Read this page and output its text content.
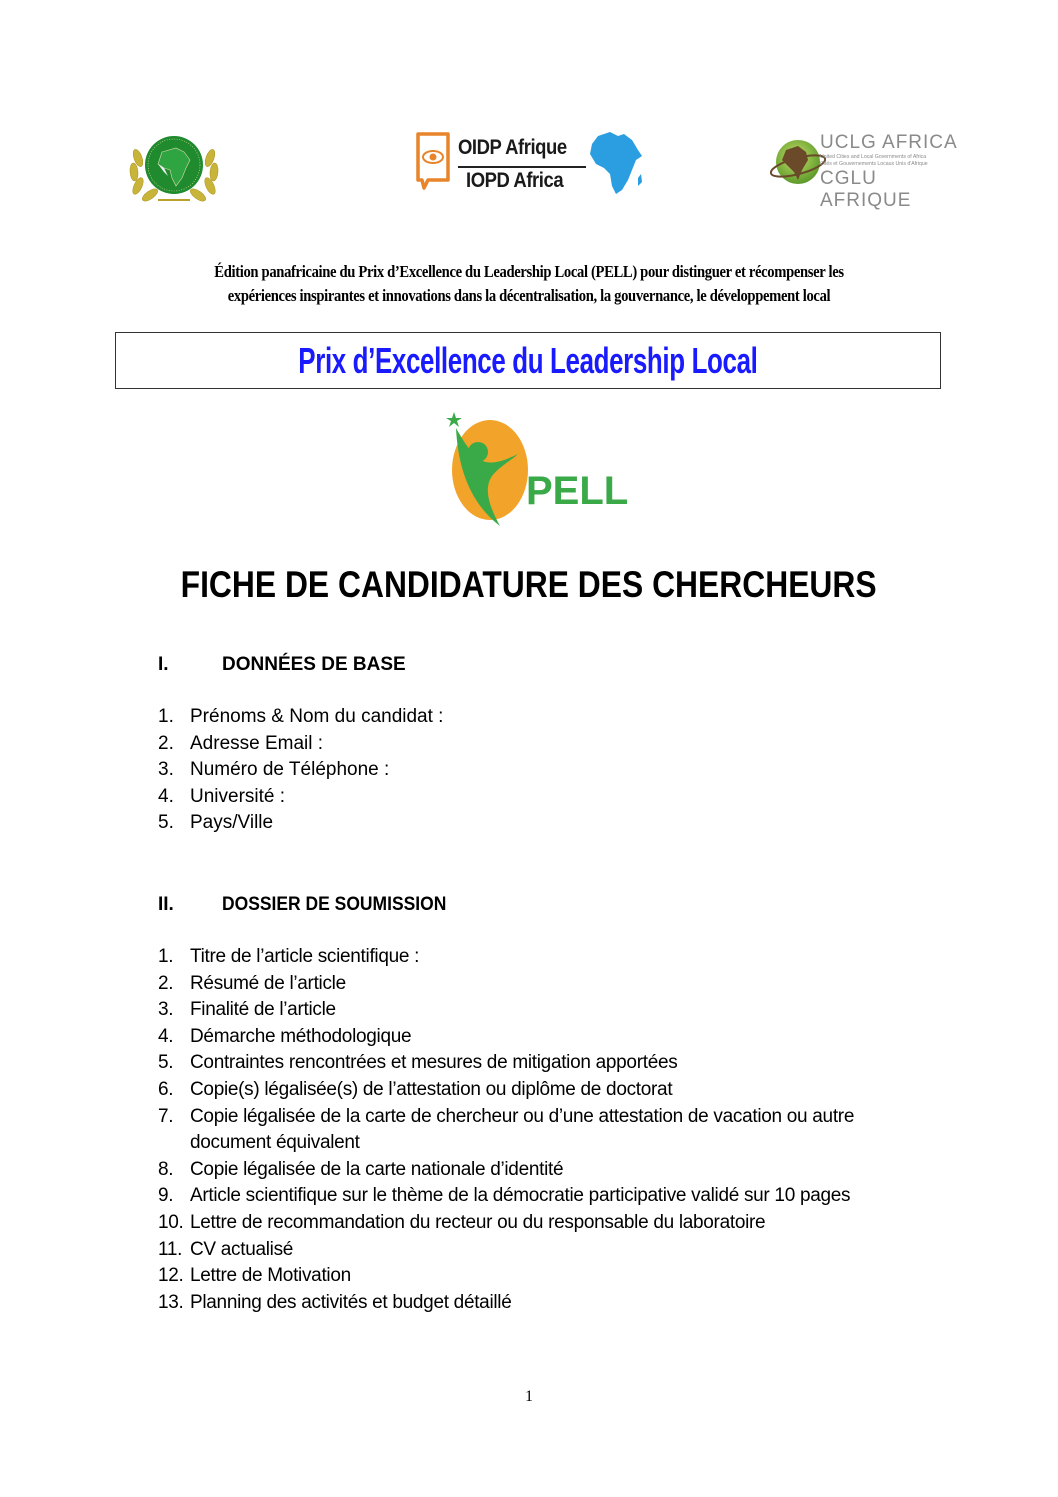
OIDP Afrique
IOPD Africa
UCLG AFRICA
United Cities and Local Governments of Africa
Cités et Gouvernements Locaux Unis d'Afrique
CGLU AFRIQUE
Édition panafricaine du Prix d’Excellence du Leadership Local (PELL) pour distinguer et récompenser les
expériences inspirantes et innovations dans la décentralisation, la gouvernance, le développement local
Prix d’Excellence du Leadership Local
PELL
FICHE DE CANDIDATURE DES CHERCHEURS
I.	DONNÉES DE BASE
1. Prénoms & Nom du candidat :
2. Adresse Email :
3. Numéro de Téléphone :
4. Université :
5. Pays/Ville
II.	DOSSIER DE SOUMISSION
1. Titre de l’article scientifique :
2. Résumé de l’article
3. Finalité de l’article
4. Démarche méthodologique
5. Contraintes rencontrées et mesures de mitigation apportées
6. Copie(s) légalisée(s) de l’attestation ou diplôme de doctorat
7. Copie légalisée de la carte de chercheur ou d’une attestation de vacation ou autre document équivalent
8. Copie légalisée de la carte nationale d’identité
9. Article scientifique sur le thème de la démocratie participative validé sur 10 pages
10. Lettre de recommandation du recteur ou du responsable du laboratoire
11. CV actualisé
12. Lettre de Motivation
13. Planning des activités et budget détaillé
1
